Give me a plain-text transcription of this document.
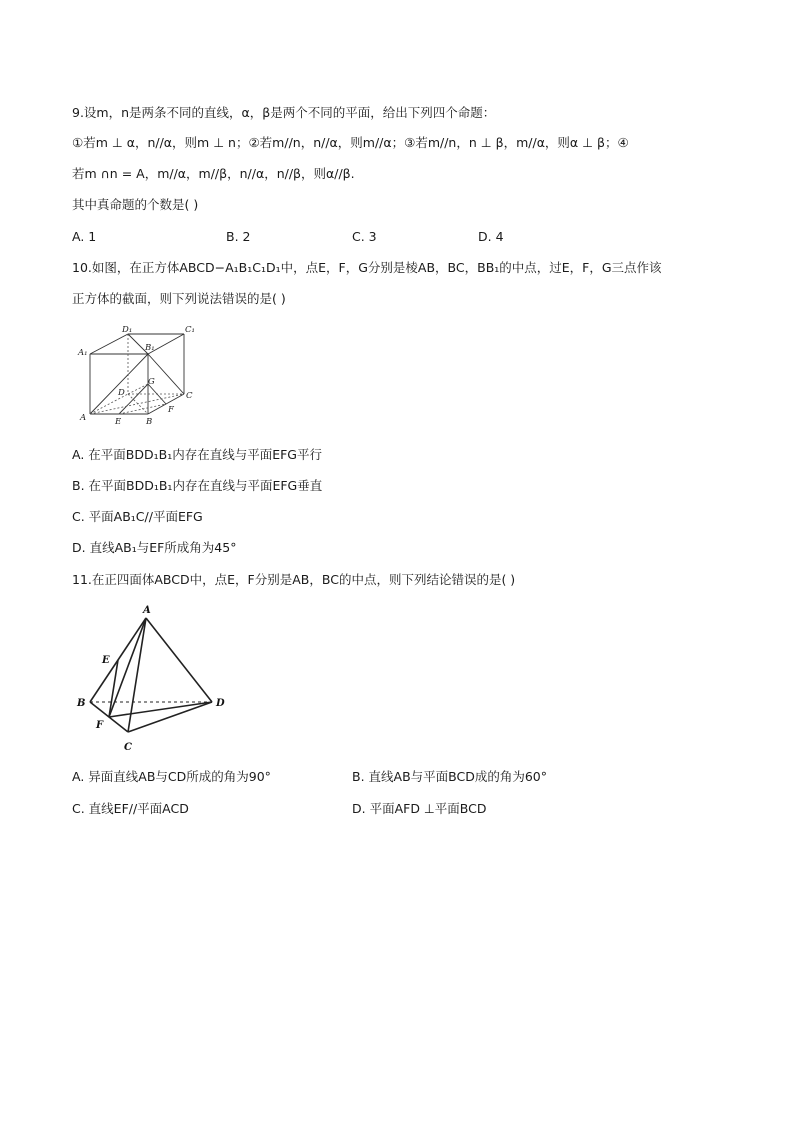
9.设m，n是两条不同的直线，α，β是两个不同的平面，给出下列四个命题：
①若m ⊥ α，n//α，则m ⊥ n；②若m//n，n//α，则m//α；③若m//n，n ⊥ β，m//α，则α ⊥ β；④
若m ∩n = A，m//α，m//β，n//α，n//β，则α//β.
其中真命题的个数是( )
A. 1	B. 2	C. 3	D. 4
10.如图，在正方体ABCD−A₁B₁C₁D₁中，点E，F，G分别是棱AB，BC，BB₁的中点，过E，F，G三点作该
正方体的截面，则下列说法错误的是( )
D₁	C₁
A₁	B₁
G
D	C
A	E	B
F
A. 在平面BDD₁B₁内存在直线与平面EFG平行
B. 在平面BDD₁B₁内存在直线与平面EFG垂直
C. 平面AB₁C//平面EFG
D. 直线AB₁与EF所成角为45°
11.在正四面体ABCD中，点E，F分别是AB，BC的中点，则下列结论错误的是( )
A
E
B	D
F
C
A. 异面直线AB与CD所成的角为90°	B. 直线AB与平面BCD成的角为60°
C. 直线EF//平面ACD	D. 平面AFD ⊥平面BCD
